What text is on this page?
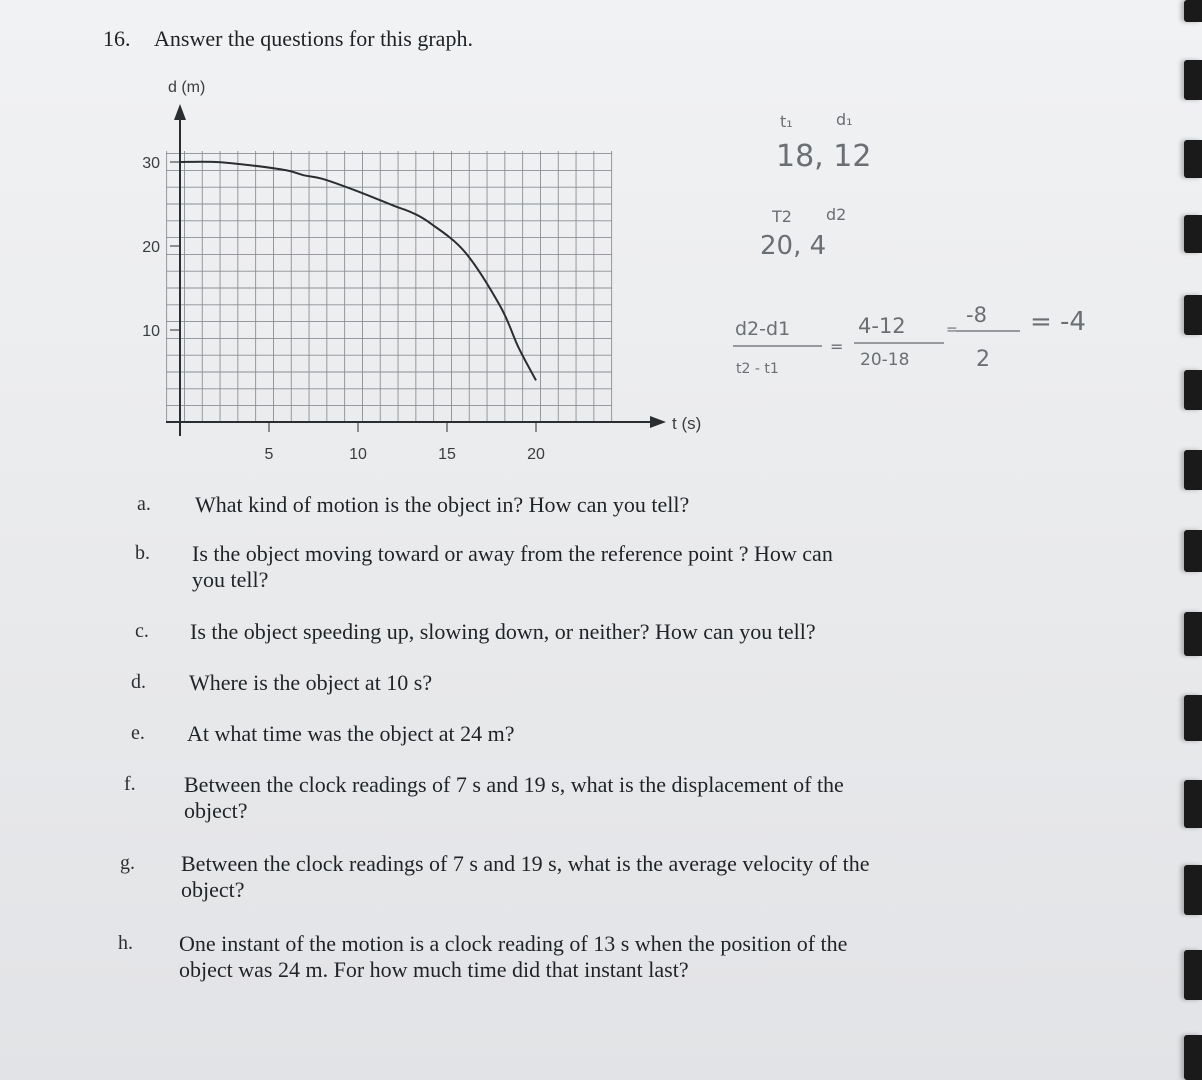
16. Answer the questions for this graph.
5	10	15	20
10
20
30
d (m)
t (s)
t₁	d₁
18, 12
T2 d2
20, 4
d2-d1
t2 - t1
=
4-12
20-18
=
-8
2
= -4
a. What kind of motion is the object in? How can you tell?
b. Is the object moving toward or away from the reference point ? How can
you tell?
c. Is the object speeding up, slowing down, or neither? How can you tell?
d. Where is the object at 10 s?
e. At what time was the object at 24 m?
f. Between the clock readings of 7 s and 19 s, what is the displacement of the
object?
g. Between the clock readings of 7 s and 19 s, what is the average velocity of the
object?
h. One instant of the motion is a clock reading of 13 s when the position of the
object was 24 m. For how much time did that instant last?
